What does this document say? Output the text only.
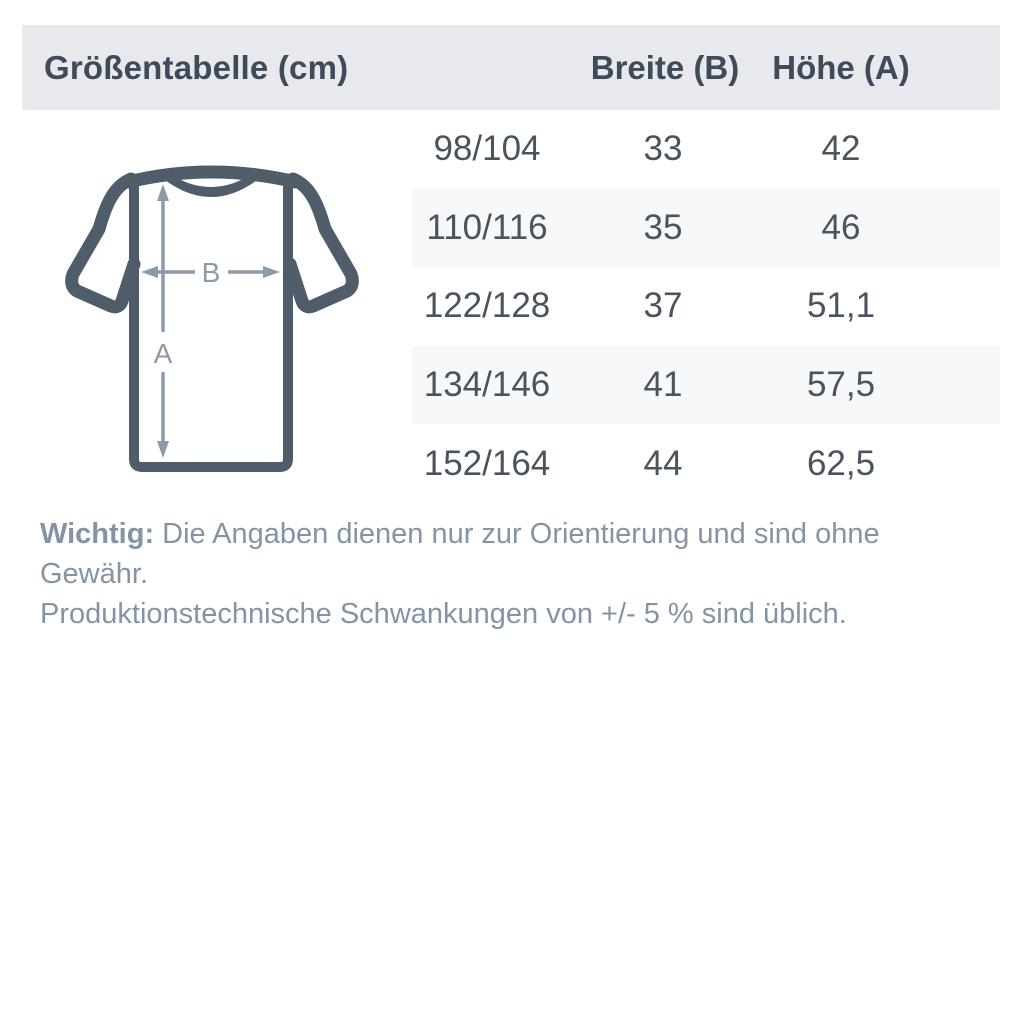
Größentabelle (cm)	Breite (B) Höhe (A)
98/104	33	42
110/116	35	46
122/128	37	51,1
134/146	41	57,5
152/164	44	62,5
A
B
Wichtig: Die Angaben dienen nur zur Orientierung und sind ohne Gewähr.
Produktionstechnische Schwankungen von +/- 5 % sind üblich.
